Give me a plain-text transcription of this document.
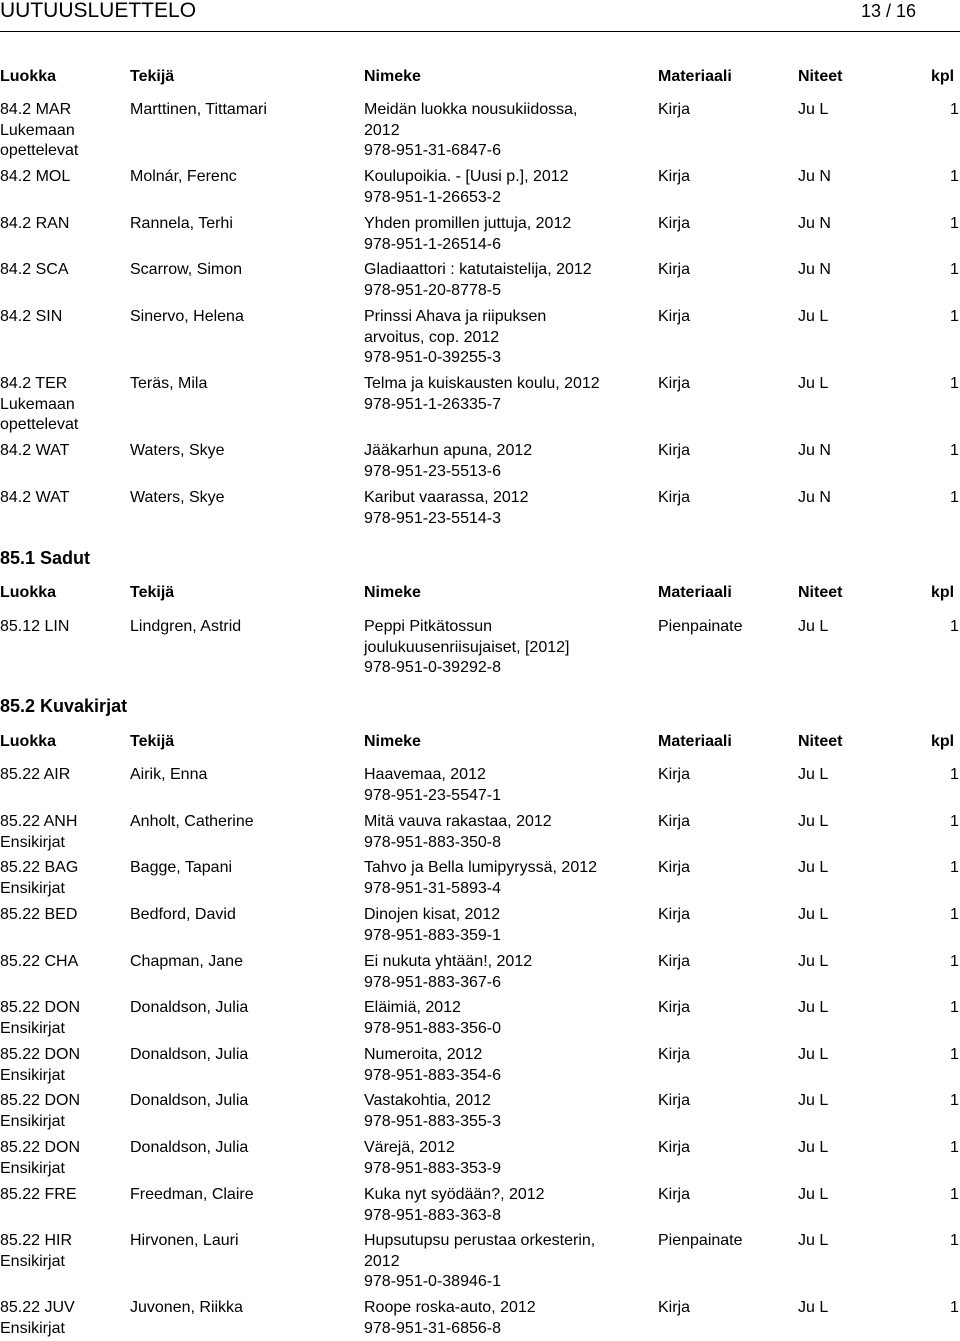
UUTUUSLUETTELO	13 / 16
Luokka	Tekijä	Nimeke	Materiaali	Niteet	kpl
84.2 MAR
Lukemaan
opettelevat
Marttinen, Tittamari	Meidän luokka nousukiidossa,
2012
978-951-31-6847-6
Kirja	Ju L	1
84.2 MOL	Molnár, Ferenc	Koulupoikia. - [Uusi p.], 2012
978-951-1-26653-2
Kirja	Ju N	1
84.2 RAN	Rannela, Terhi	Yhden promillen juttuja, 2012
978-951-1-26514-6
Kirja	Ju N	1
84.2 SCA	Scarrow, Simon	Gladiaattori : katutaistelija, 2012
978-951-20-8778-5
Kirja	Ju N	1
84.2 SIN	Sinervo, Helena	Prinssi Ahava ja riipuksen
arvoitus, cop. 2012
978-951-0-39255-3
Kirja	Ju L	1
84.2 TER
Lukemaan
opettelevat
Teräs, Mila	Telma ja kuiskausten koulu, 2012
978-951-1-26335-7
Kirja	Ju L	1
84.2 WAT	Waters, Skye	Jääkarhun apuna, 2012
978-951-23-5513-6
Kirja	Ju N	1
84.2 WAT	Waters, Skye	Karibut vaarassa, 2012
978-951-23-5514-3
Kirja	Ju N	1
85.1 Sadut
Luokka	Tekijä	Nimeke	Materiaali	Niteet	kpl
85.12 LIN	Lindgren, Astrid	Peppi Pitkätossun
joulukuusenriisujaiset, [2012]
978-951-0-39292-8
Pienpainate	Ju L	1
85.2 Kuvakirjat
Luokka	Tekijä	Nimeke	Materiaali	Niteet	kpl
85.22 AIR	Airik, Enna	Haavemaa, 2012
978-951-23-5547-1
Kirja	Ju L	1
85.22 ANH
Ensikirjat
Anholt, Catherine	Mitä vauva rakastaa, 2012
978-951-883-350-8
Kirja	Ju L	1
85.22 BAG
Ensikirjat
Bagge, Tapani	Tahvo ja Bella lumipyryssä, 2012
978-951-31-5893-4
Kirja	Ju L	1
85.22 BED	Bedford, David	Dinojen kisat, 2012
978-951-883-359-1
Kirja	Ju L	1
85.22 CHA	Chapman, Jane	Ei nukuta yhtään!, 2012
978-951-883-367-6
Kirja	Ju L	1
85.22 DON
Ensikirjat
Donaldson, Julia	Eläimiä, 2012
978-951-883-356-0
Kirja	Ju L	1
85.22 DON
Ensikirjat
Donaldson, Julia	Numeroita, 2012
978-951-883-354-6
Kirja	Ju L	1
85.22 DON
Ensikirjat
Donaldson, Julia	Vastakohtia, 2012
978-951-883-355-3
Kirja	Ju L	1
85.22 DON
Ensikirjat
Donaldson, Julia	Värejä, 2012
978-951-883-353-9
Kirja	Ju L	1
85.22 FRE	Freedman, Claire	Kuka nyt syödään?, 2012
978-951-883-363-8
Kirja	Ju L	1
85.22 HIR
Ensikirjat
Hirvonen, Lauri	Hupsutupsu perustaa orkesterin,
2012
978-951-0-38946-1
Pienpainate	Ju L	1
85.22 JUV
Ensikirjat
Juvonen, Riikka	Roope roska-auto, 2012
978-951-31-6856-8
Kirja	Ju L	1
